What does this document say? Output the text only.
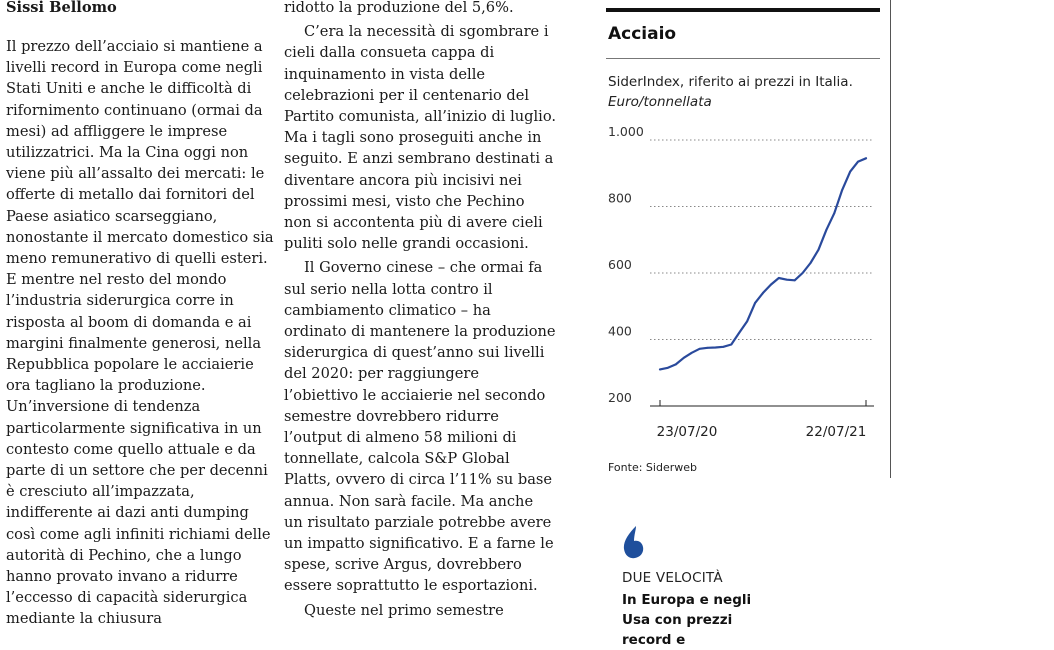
Sissi Bellomo

Il prezzo dell’acciaio si mantiene a livelli record in Europa come negli Stati Uniti e anche le difficoltà di rifornimento continuano (ormai da mesi) ad affliggere le imprese utilizzatrici. Ma la Cina oggi non viene più all’assalto dei mercati: le offerte di metallo dai fornitori del Paese asiatico scarseggiano, nonostante il mercato domestico sia meno remunerativo di quelli esteri. E mentre nel resto del mondo l’industria siderurgica corre in risposta al boom di domanda e ai margini finalmente generosi, nella Repubblica popolare le acciaierie ora tagliano la produzione. Un’inversione di tendenza particolarmente significativa in un contesto come quello attuale e da parte di un settore che per decenni è cresciuto all’impazzata, indifferente ai dazi anti dumping così come agli infiniti richiami delle autorità di Pechino, che a lungo hanno provato invano a ridurre l’eccesso di capacità siderurgica mediante la chiusura

ridotto la produzione del 5,6%.

C’era la necessità di sgombrare i cieli dalla consueta cappa di inquinamento in vista delle celebrazioni per il centenario del Partito comunista, all’inizio di luglio. Ma i tagli sono proseguiti anche in seguito. E anzi sembrano destinati a diventare ancora più incisivi nei prossimi mesi, visto che Pechino non si accontenta più di avere cieli puliti solo nelle grandi occasioni.

Il Governo cinese – che ormai fa sul serio nella lotta contro il cambiamento climatico – ha ordinato di mantenere la produzione siderurgica di quest’anno sui livelli del 2020: per raggiungere l’obiettivo le acciaierie nel secondo semestre dovrebbero ridurre l’output di almeno 58 milioni di tonnellate, calcola S&P Global Platts, ovvero di circa l’11% su base annua. Non sarà facile. Ma anche un risultato parziale potrebbe avere un impatto significativo. E a farne le spese, scrive Argus, dovrebbero essere soprattutto le esportazioni.

Queste nel primo semestre

Acciaio
SiderIndex, riferito ai prezzi in Italia.
Euro/tonnellata
1.000
800
600
400
200
23/07/20	22/07/21
Fonte: Siderweb
DUE VELOCITÀ
In Europa e negli Usa con prezzi record e
